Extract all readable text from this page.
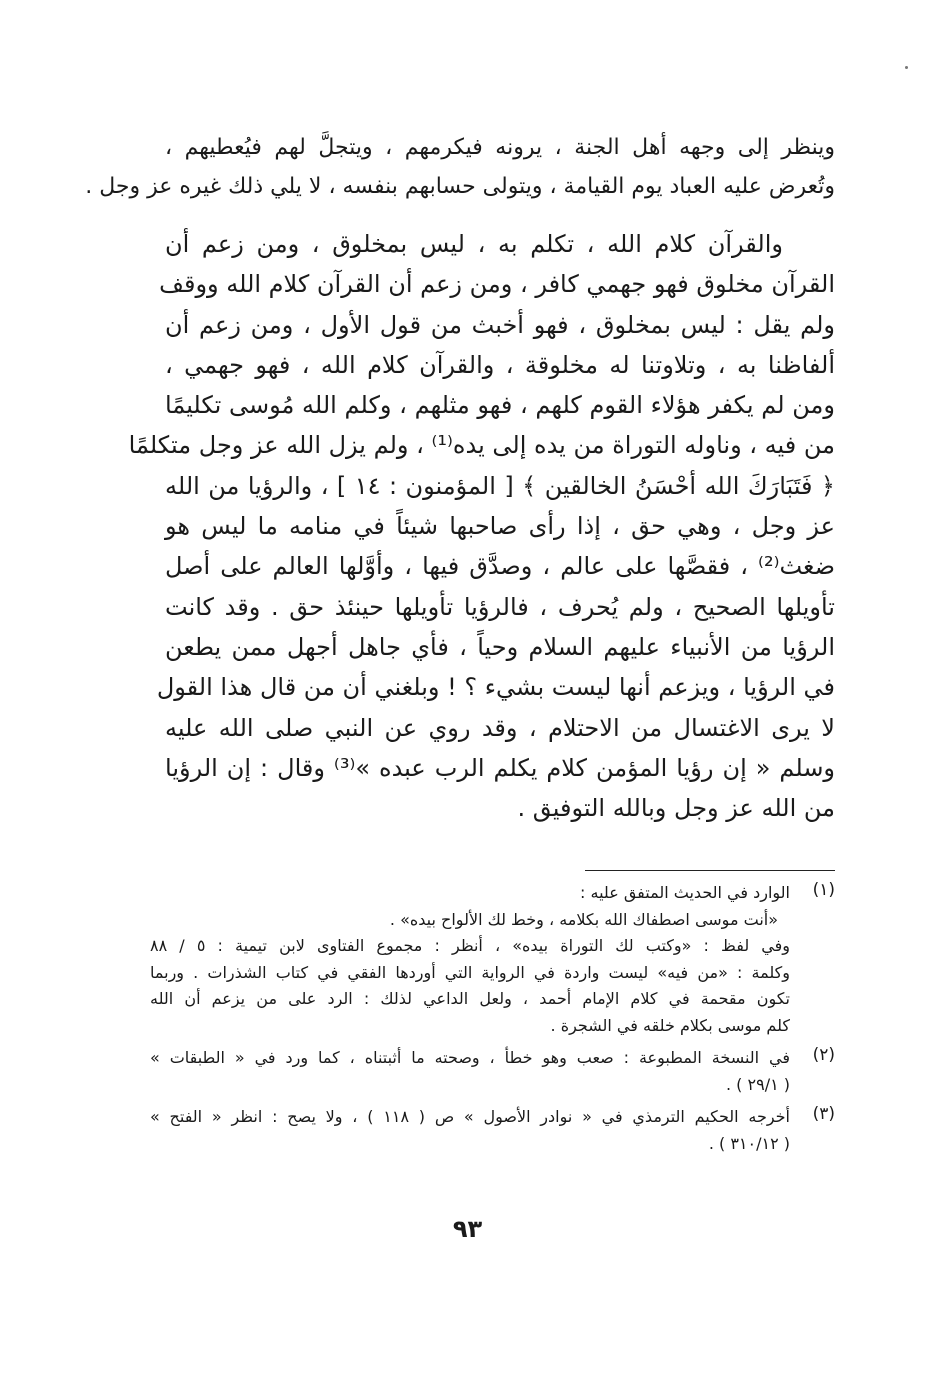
وينظر إلى وجهه أهل الجنة ، يرونه فيكرمهم ، ويتجلَّ لهم فيُعطيهم ،
وتُعرض عليه العباد يوم القيامة ، ويتولى حسابهم بنفسه ، لا يلي ذلك غيره عز وجل .
والقرآن كلام الله ، تكلم به ، ليس بمخلوق ، ومن زعم أن
القرآن مخلوق فهو جهمي كافر ، ومن زعم أن القرآن كلام الله ووقف
ولم يقل : ليس بمخلوق ، فهو أخبث من قول الأول ، ومن زعم أن
ألفاظنا به ، وتلاوتنا له مخلوقة ، والقرآن كلام الله ، فهو جهمي ،
ومن لم يكفر هؤلاء القوم كلهم ، فهو مثلهم ، وكلم الله مُوسى تكليمًا
من فيه ، وناوله التوراة من يده إلى يده⁽¹⁾ ، ولم يزل الله عز وجل متكلمًا
﴿ فَتَبَارَكَ الله أحْسَنُ الخالقين ﴾ [ المؤمنون : ١٤ ] ، والرؤيا من الله
عز وجل ، وهي حق ، إذا رأى صاحبها شيئاً في منامه ما ليس هو
ضغث⁽²⁾ ، فقصَّها على عالم ، وصدَّق فيها ، وأوَّلها العالم على أصل
تأويلها الصحيح ، ولم يُحرف ، فالرؤيا تأويلها حينئذ حق . وقد كانت
الرؤيا من الأنبياء عليهم السلام وحياً ، فأي جاهل أجهل ممن يطعن
في الرؤيا ، ويزعم أنها ليست بشيء ؟ ! وبلغني أن من قال هذا القول
لا يرى الاغتسال من الاحتلام ، وقد روي عن النبي صلى الله عليه
وسلم « إن رؤيا المؤمن كلام يكلم الرب عبده »⁽³⁾ وقال : إن الرؤيا
من الله عز وجل وبالله التوفيق .
(١)
الوارد في الحديث المتفق عليه :
«أنت موسى اصطفاك الله بكلامه ، وخط لك الألواح بيده» .
وفي لفظ : «وكتب لك التوراة بيده» ، أنظر : مجموع الفتاوى لابن تيمية : ٥ / ٨٨
وكلمة : «من فيه» ليست واردة في الرواية التي أوردها الفقي في كتاب الشذرات . وربما
تكون مقحمة في كلام الإمام أحمد ، ولعل الداعي لذلك : الرد على من يزعم أن الله
كلم موسى بكلام خلقه في الشجرة .
(٢)
في النسخة المطبوعة : صعب وهو خطأ ، وصحته ما أثبتناه ، كما ورد في « الطبقات »
( ٢٩/١ ) .
(٣)
أخرجه الحكيم الترمذي في « نوادر الأصول » ص ( ١١٨ ) ، ولا يصح : انظر « الفتح »
( ٣١٠/١٢ ) .
٩٣
